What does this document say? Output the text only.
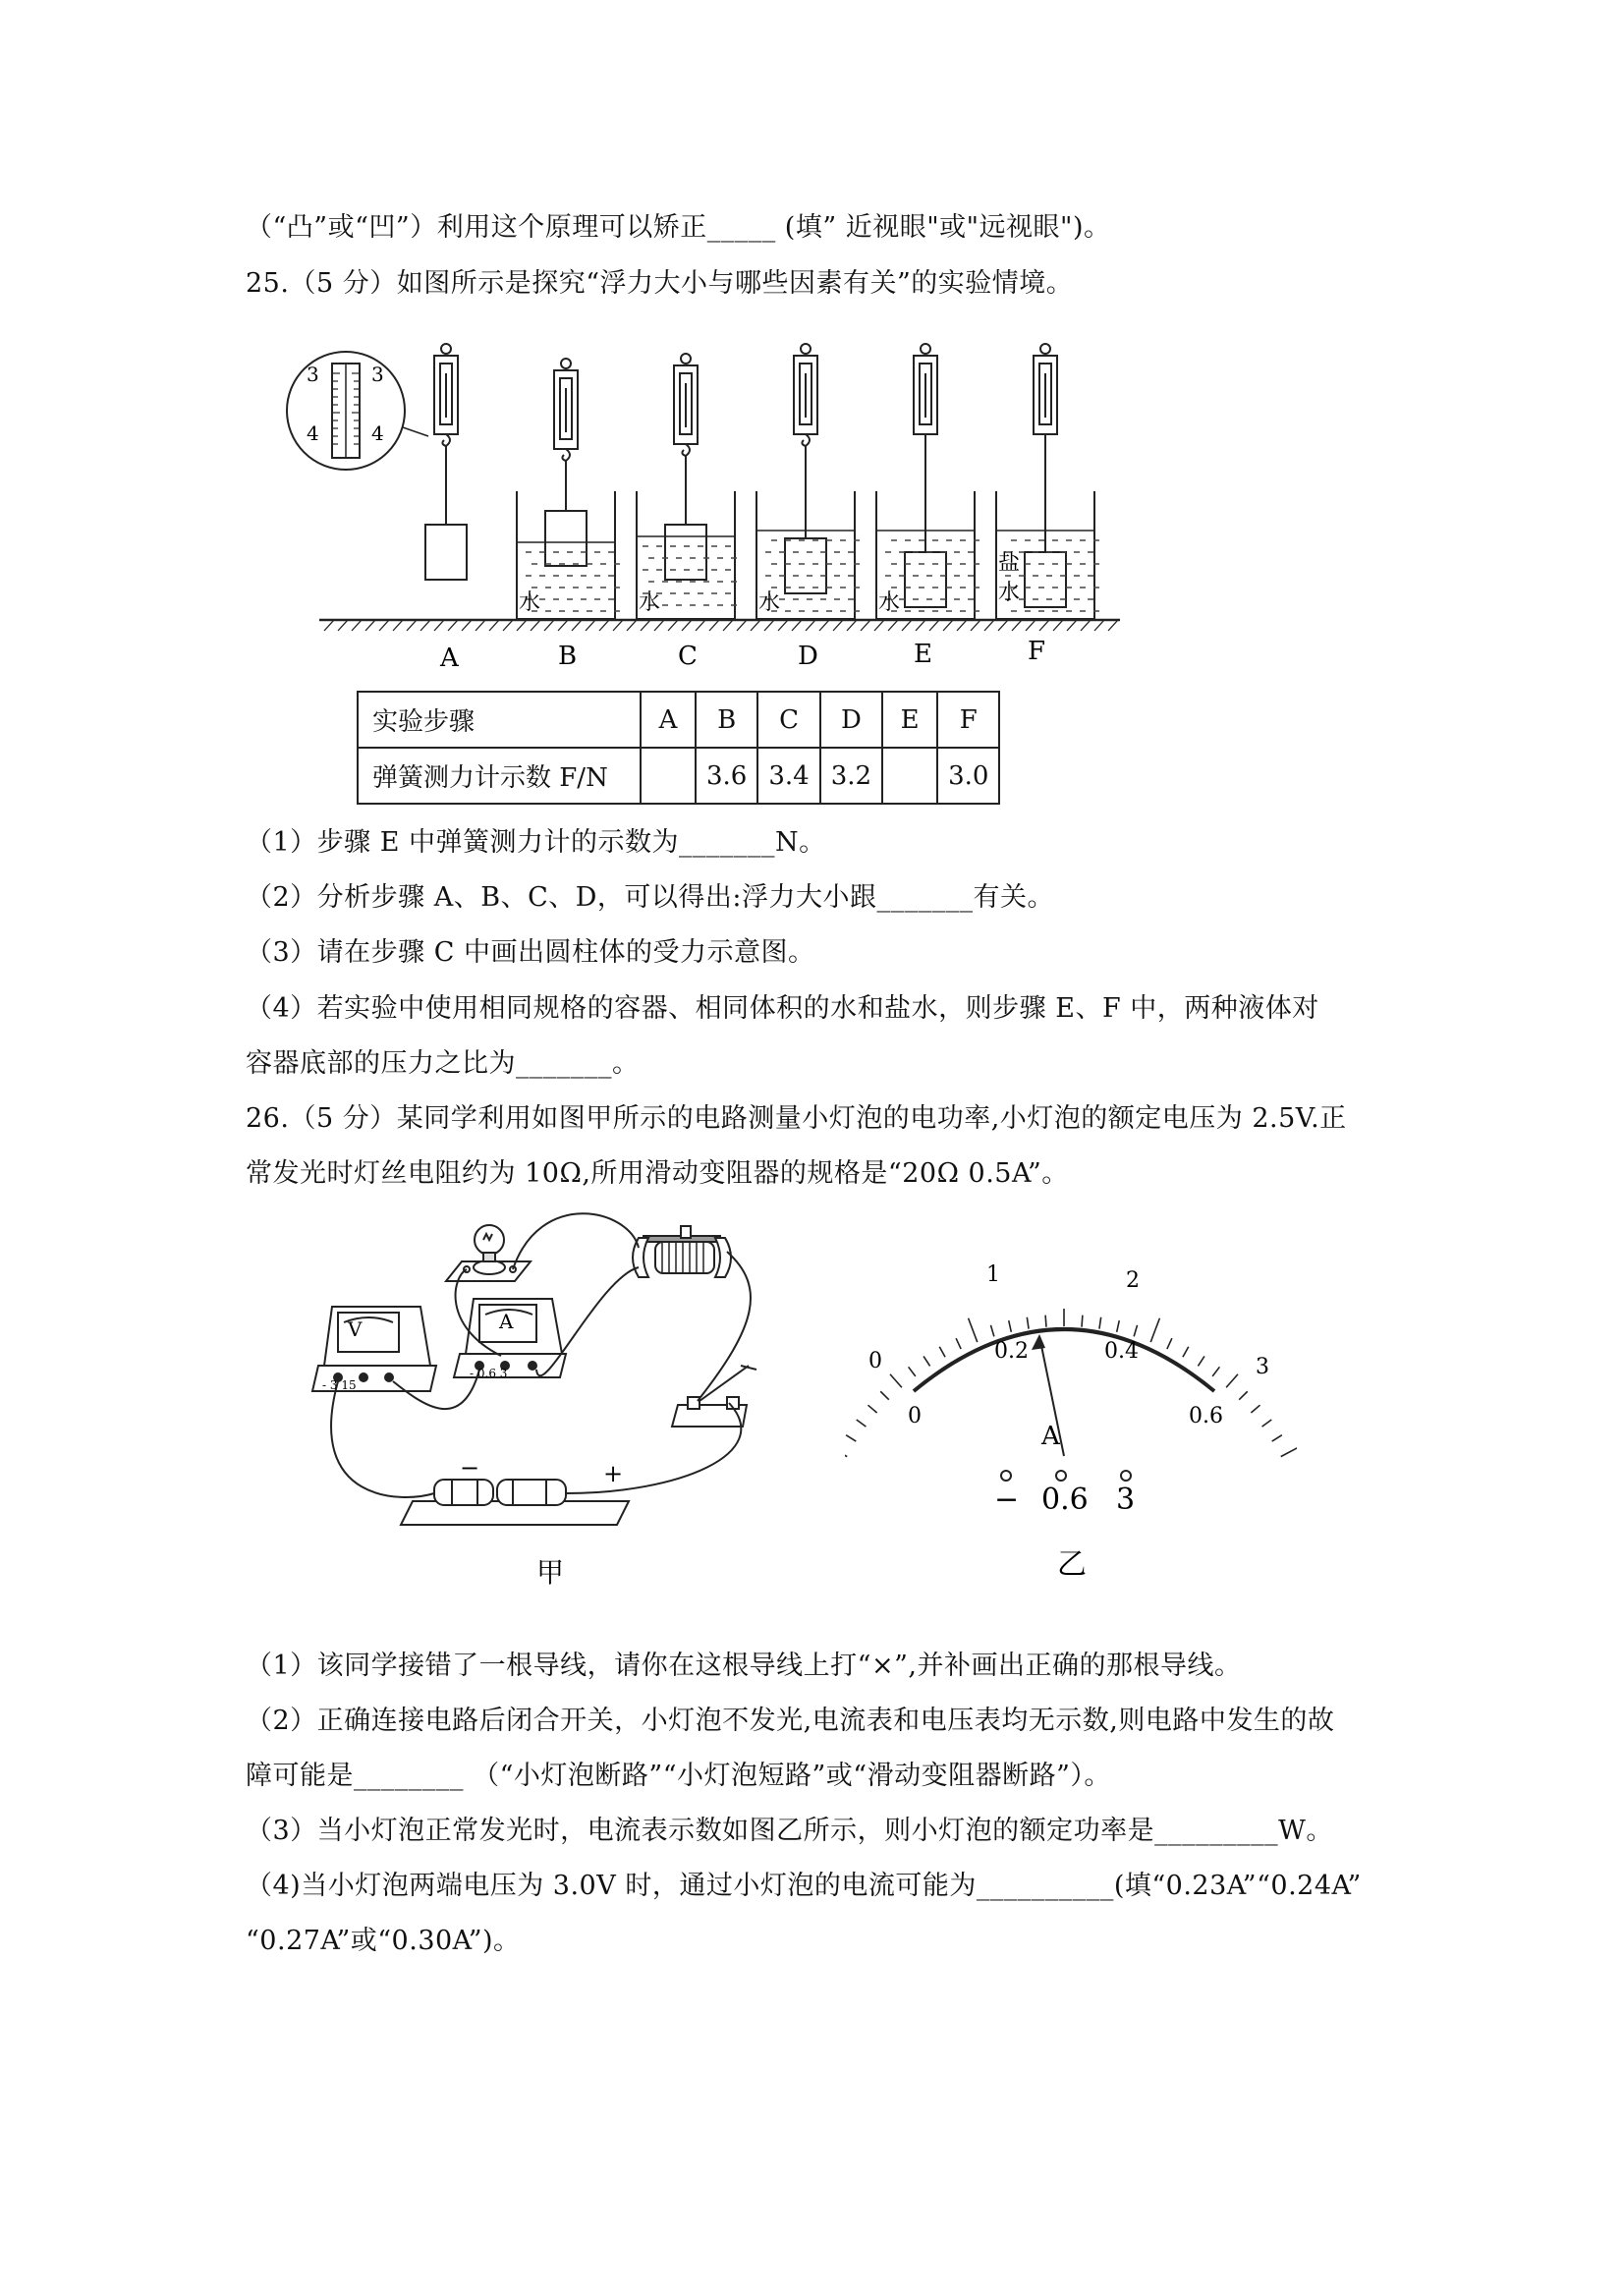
（“凸”或“凹”）利用这个原理可以矫正_____ (填” 近视眼"或"远视眼")。
25.（5 分）如图所示是探究“浮力大小与哪些因素有关”的实验情境。
3	3
4	4
水	水	水	水
盐
水
A	B	C	D	E	F
实验步骤	A	B	C	D	E	F
弹簧测力计示数 F/N		3.6	3.4	3.2		3.0
（1）步骤 E 中弹簧测力计的示数为_______N。
（2）分析步骤 A、B、C、D，可以得出:浮力大小跟_______有关。
（3）请在步骤 C 中画出圆柱体的受力示意图。
（4）若实验中使用相同规格的容器、相同体积的水和盐水，则步骤 E、F 中，两种液体对
容器底部的压力之比为_______。
26.（5 分）某同学利用如图甲所示的电路测量小灯泡的电功率,小灯泡的额定电压为 2.5V.正
常发光时灯丝电阻约为 10Ω,所用滑动变阻器的规格是“20Ω 0.5A”。
V	A
- 3 15
- 0.6 3
−	+
甲
0
1	2
3
0
0.2	0.4
0.6
A
− 0.6 3
乙
（1）该同学接错了一根导线，请你在这根导线上打“×”,并补画出正确的那根导线。
（2）正确连接电路后闭合开关，小灯泡不发光,电流表和电压表均无示数,则电路中发生的故
障可能是________ （“小灯泡断路”“小灯泡短路”或“滑动变阻器断路”）。
（3）当小灯泡正常发光时，电流表示数如图乙所示，则小灯泡的额定功率是_________W。
（4)当小灯泡两端电压为 3.0V 时，通过小灯泡的电流可能为__________(填“0.23A”“0.24A”
“0.27A”或“0.30A”)。
